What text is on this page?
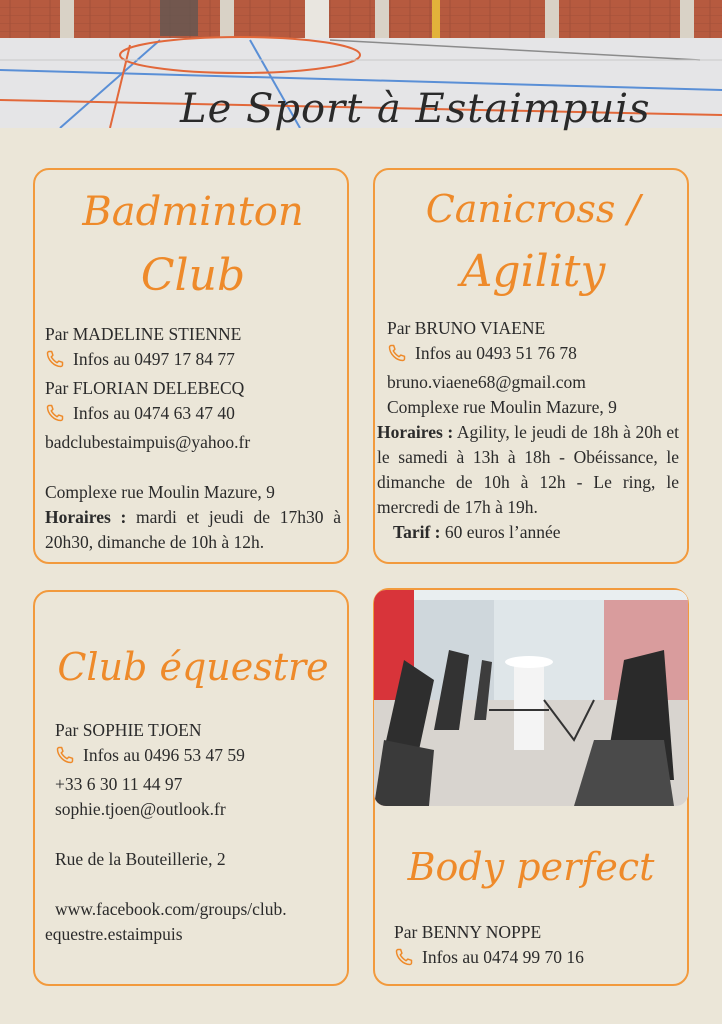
Le Sport à Estaimpuis
Badminton
Club
Par MADELINE STIENNE
Infos au 0497 17 84 77
Par FLORIAN DELEBECQ
Infos au 0474 63 47 40
badclubestaimpuis@yahoo.fr
Complexe rue Moulin Mazure, 9
Horaires : mardi et jeudi de 17h30 à 20h30, dimanche de 10h à 12h.
Canicross /
Agility
Par BRUNO VIAENE
Infos au 0493 51 76 78
bruno.viaene68@gmail.com
Complexe rue Moulin Mazure, 9
Horaires : Agility, le jeudi de 18h à 20h et le samedi à 13h à 18h - Obéissance, le dimanche de 10h à 12h - Le ring, le mercredi de 17h à 19h.
Tarif : 60 euros l’année
Club équestre
Par SOPHIE TJOEN
Infos au 0496 53 47 59
+33 6 30 11 44 97
sophie.tjoen@outlook.fr
Rue de la Bouteillerie, 2
www.facebook.com/groups/club.
equestre.estaimpuis
Body perfect
Par BENNY NOPPE
Infos au 0474 99 70 16
